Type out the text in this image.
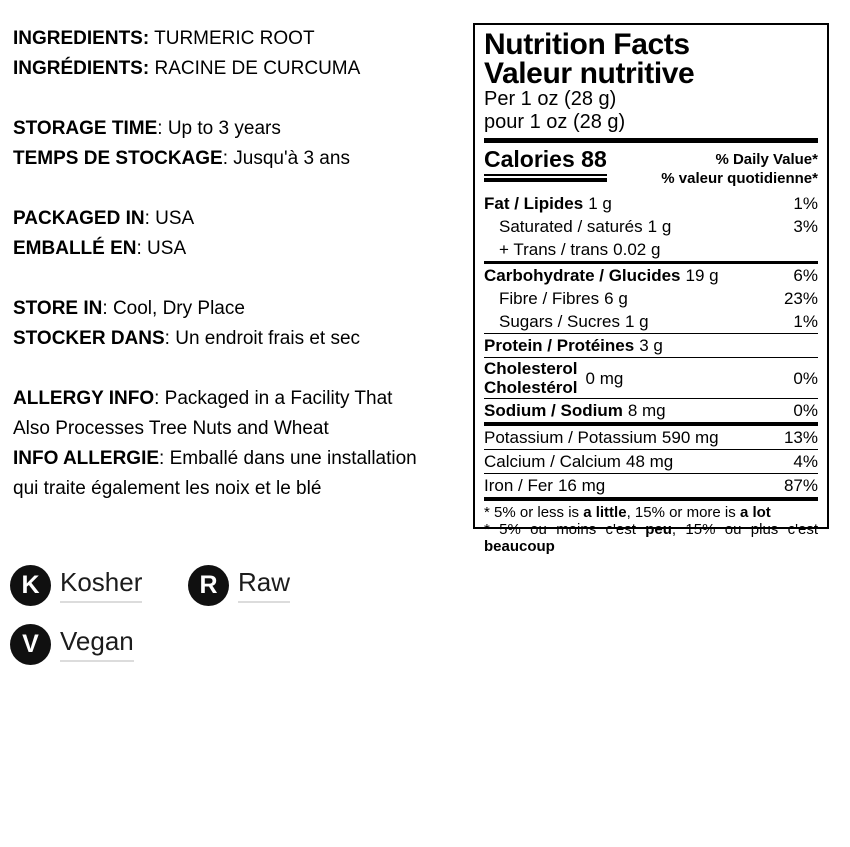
INGREDIENTS: TURMERIC ROOT
INGRÉDIENTS: RACINE DE CURCUMA
STORAGE TIME: Up to 3 years
TEMPS DE STOCKAGE: Jusqu'à 3 ans
PACKAGED IN: USA
EMBALLÉ EN: USA
STORE IN: Cool, Dry Place
STOCKER DANS: Un endroit frais et sec
ALLERGY INFO: Packaged in a Facility That
Also Processes Tree Nuts and Wheat
INFO ALLERGIE: Emballé dans une installation
qui traite également les noix et le blé
K Kosher	R Raw
V Vegan
Nutrition Facts
Valeur nutritive
Per 1 oz (28 g)
pour 1 oz (28 g)
Calories 88	% Daily Value*
% valeur quotidienne*
Fat / Lipides 1 g	1%
Saturated / saturés 1 g	3%
+ Trans / trans 0.02 g
Carbohydrate / Glucides 19 g	6%
Fibre / Fibres 6 g	23%
Sugars / Sucres 1 g	1%
Protein / Protéines 3 g
Cholesterol
Cholestérol 0 mg	0%
Sodium / Sodium 8 mg	0%
Potassium / Potassium 590 mg	13%
Calcium / Calcium 48 mg	4%
Iron / Fer 16 mg	87%
* 5% or less is a little, 15% or more is a lot
* 5% ou moins c'est peu, 15% ou plus c'est beaucoup
